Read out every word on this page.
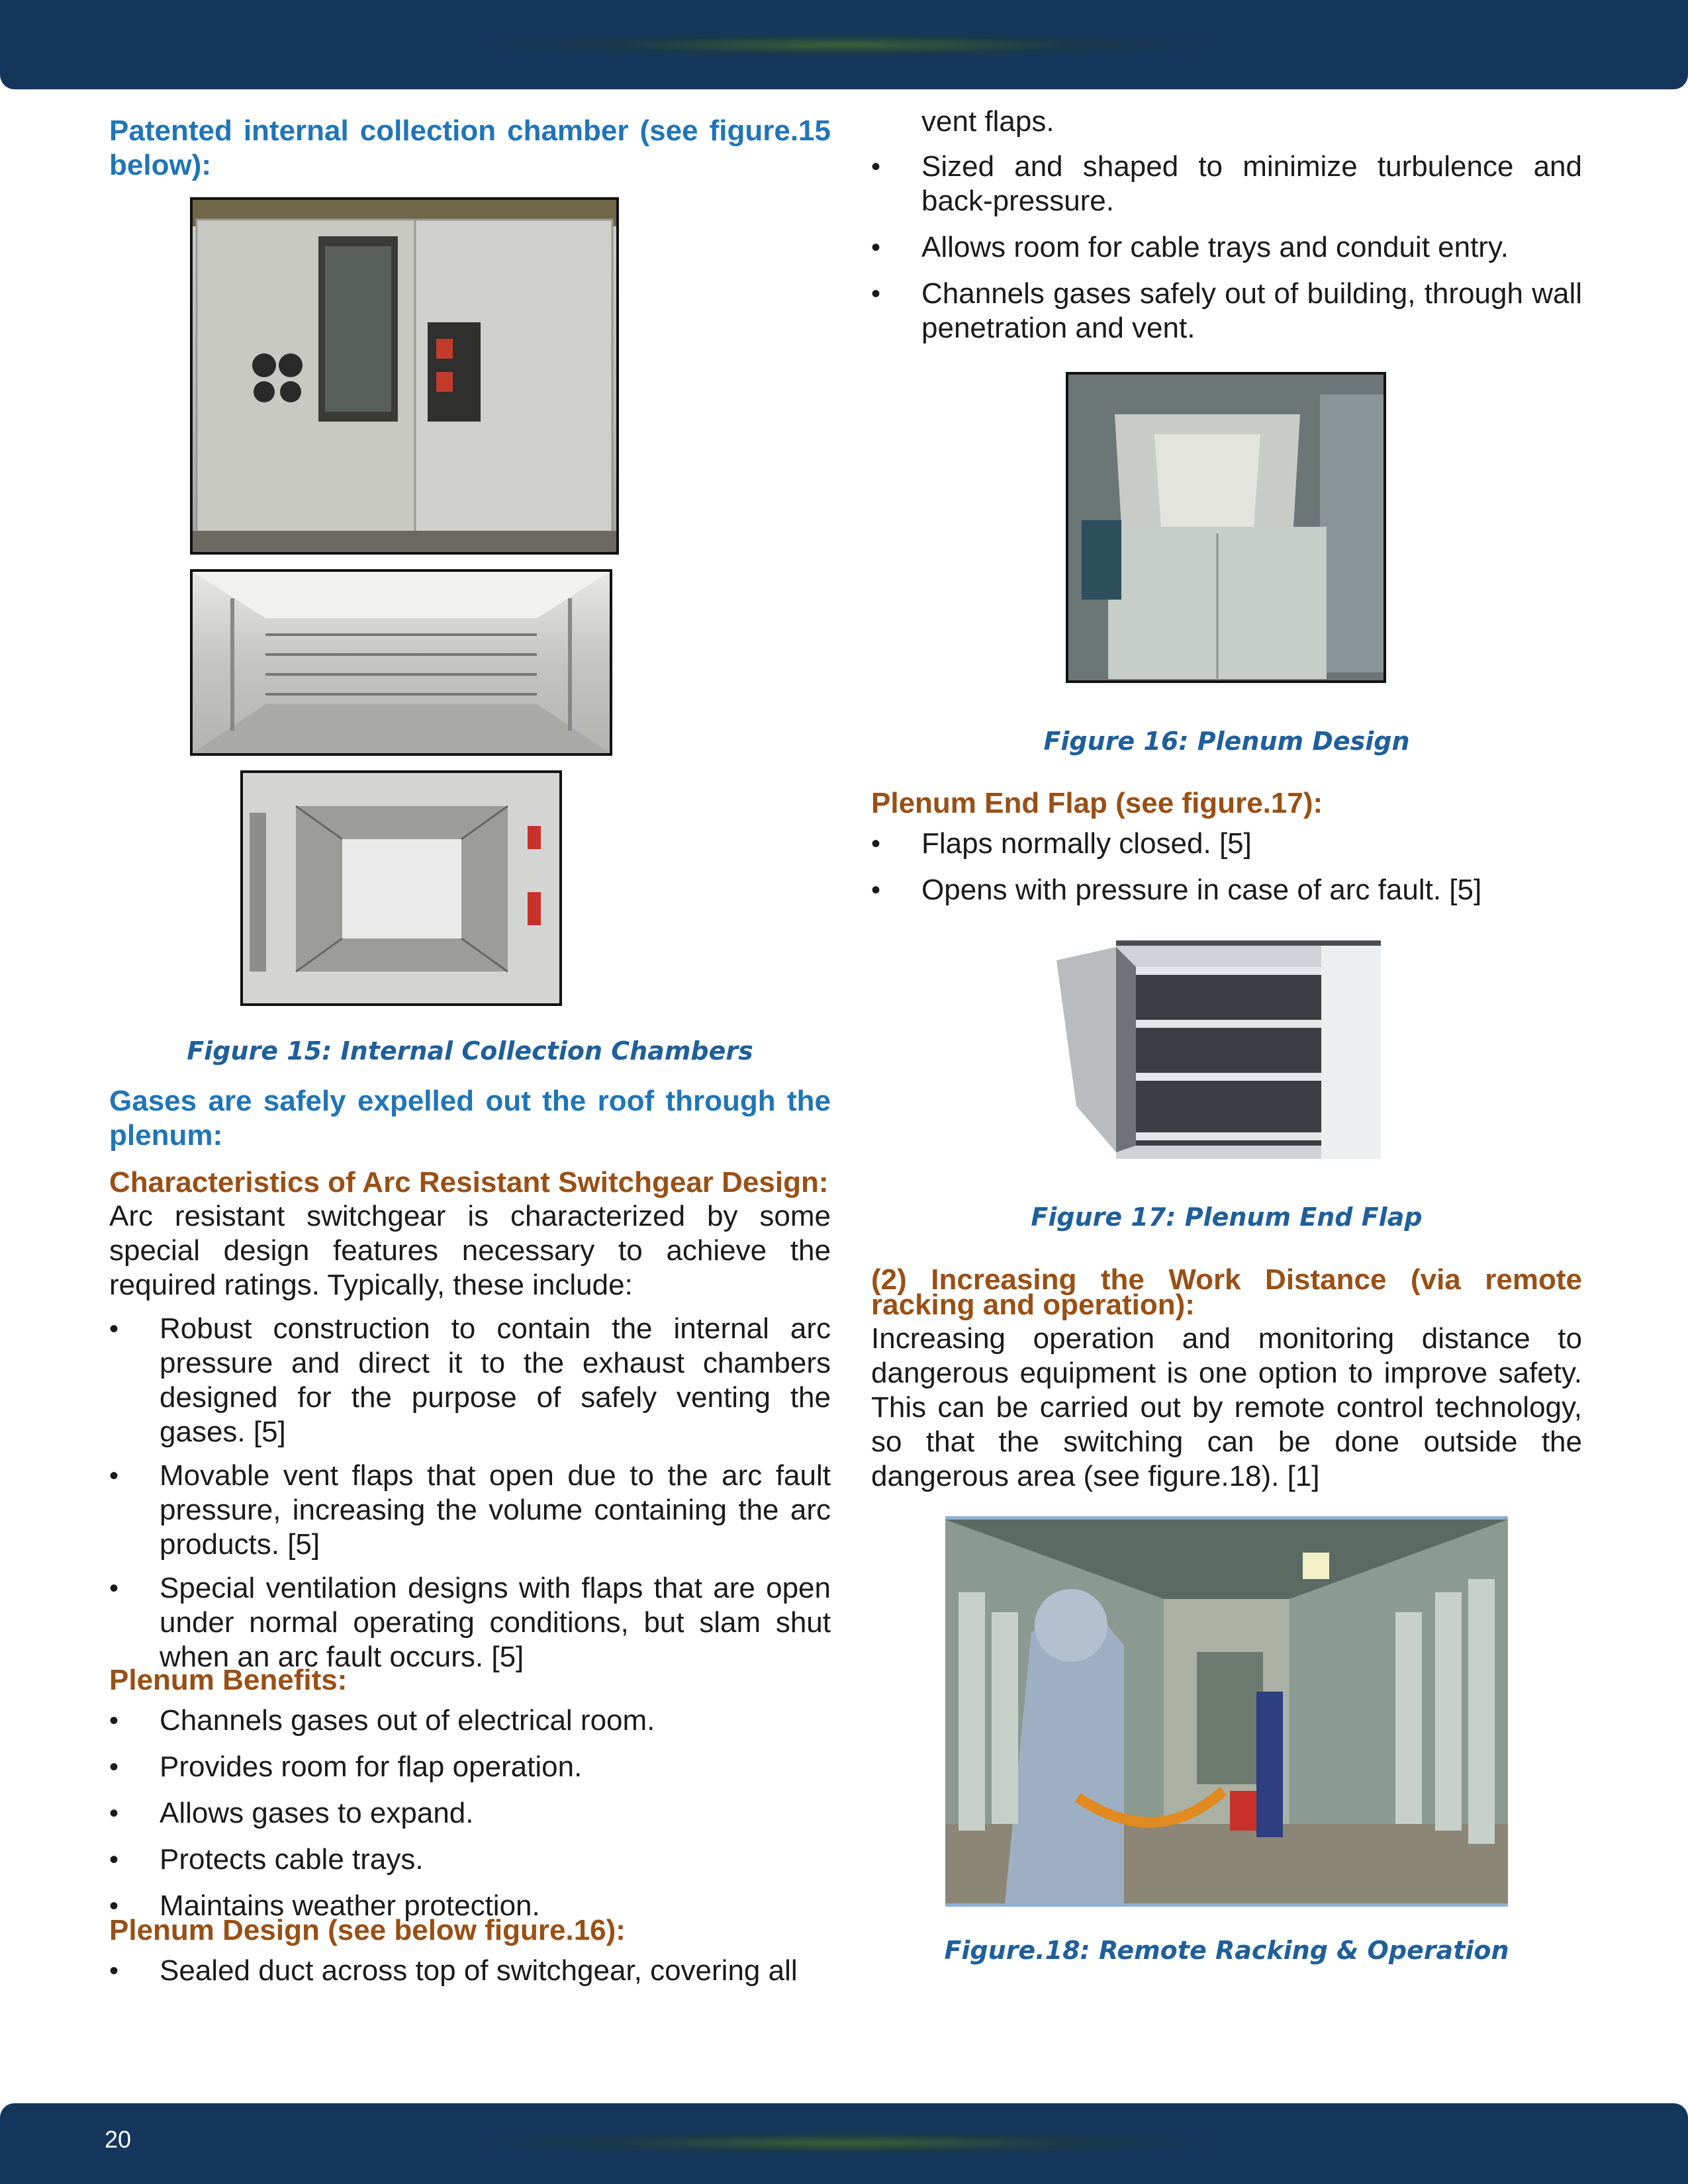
Patented internal collection chamber (see figure.15 below):

Figure 15: Internal Collection Chambers

Gases are safely expelled out the roof through the plenum:

Characteristics of Arc Resistant Switchgear Design:

Arc resistant switchgear is characterized by some special design features necessary to achieve the required ratings. Typically, these include:

• Robust construction to contain the internal arc pressure and direct it to the exhaust chambers designed for the purpose of safely venting the gases. [5]
• Movable vent flaps that open due to the arc fault pressure, increasing the volume containing the arc products. [5]
• Special ventilation designs with flaps that are open under normal operating conditions, but slam shut when an arc fault occurs. [5]

Plenum Benefits:

• Channels gases out of electrical room.
• Provides room for flap operation.
• Allows gases to expand.
• Protects cable trays.
• Maintains weather protection.

Plenum Design (see below figure.16):

• Sealed duct across top of switchgear, covering all

vent flaps.

• Sized and shaped to minimize turbulence and back-pressure.
• Allows room for cable trays and conduit entry.
• Channels gases safely out of building, through wall penetration and vent.
Figure 16: Plenum Design

Plenum End Flap (see figure.17):

• Flaps normally closed. [5]
• Opens with pressure in case of arc fault. [5]
Figure 17: Plenum End Flap

(2) Increasing the Work Distance (via remote racking and operation):

Increasing operation and monitoring distance to dangerous equipment is one option to improve safety. This can be carried out by remote control technology, so that the switching can be done outside the dangerous area (see figure.18). [1]

Figure.18: Remote Racking & Operation
20
